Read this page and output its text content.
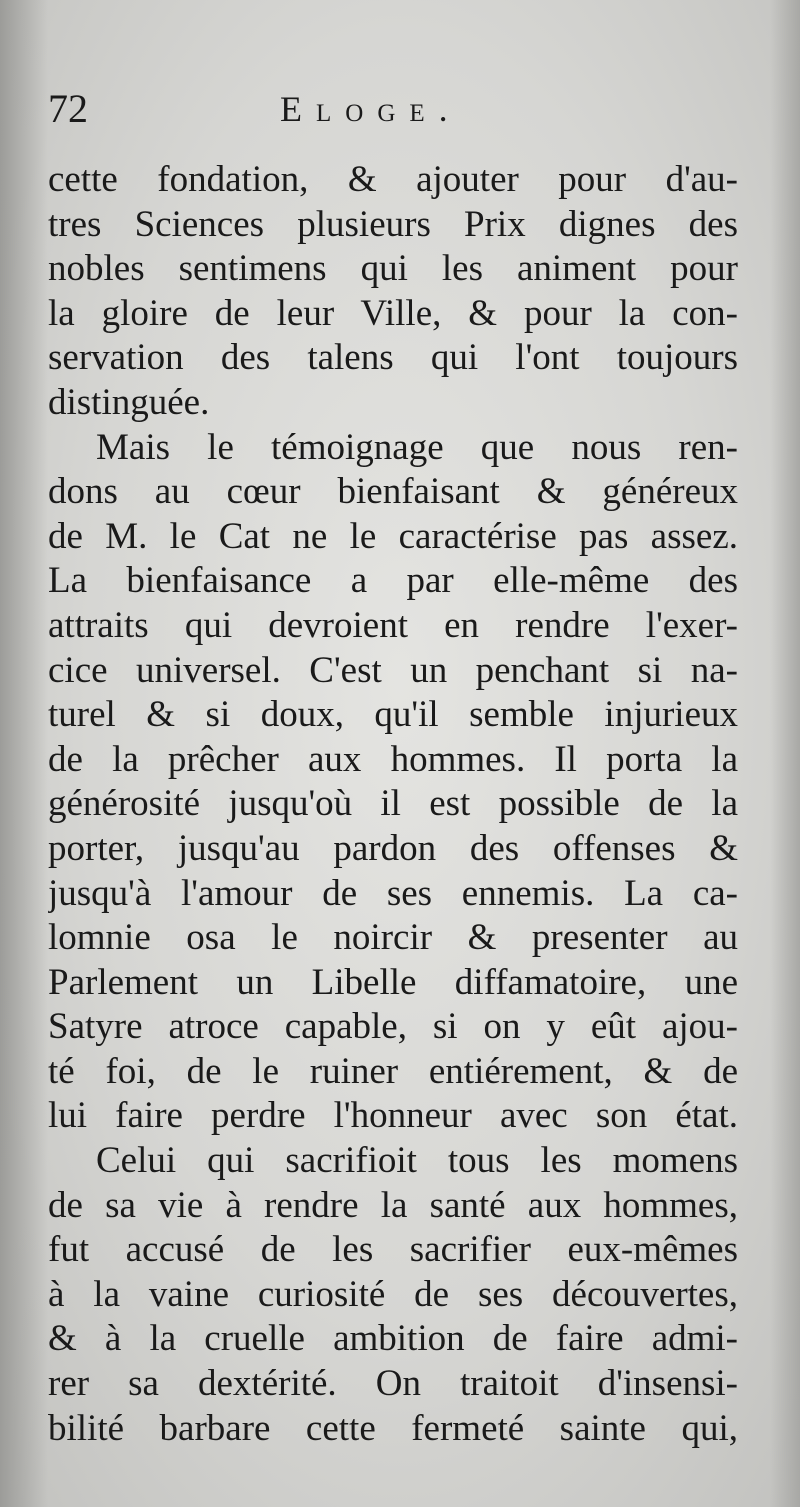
72	Eloge.
cette fondation, & ajouter pour d'au-
tres Sciences plusieurs Prix dignes des
nobles sentimens qui les animent pour
la gloire de leur Ville, & pour la con-
servation des talens qui l'ont toujours
distinguée.
Mais le témoignage que nous ren-
dons au cœur bienfaisant & généreux
de M. le Cat ne le caractérise pas assez.
La bienfaisance a par elle-même des
attraits qui devroient en rendre l'exer-
cice universel. C'est un penchant si na-
turel & si doux, qu'il semble injurieux
de la prêcher aux hommes. Il porta la
générosité jusqu'où il est possible de la
porter, jusqu'au pardon des offenses &
jusqu'à l'amour de ses ennemis. La ca-
lomnie osa le noircir & presenter au
Parlement un Libelle diffamatoire, une
Satyre atroce capable, si on y eût ajou-
té foi, de le ruiner entiérement, & de
lui faire perdre l'honneur avec son état.
Celui qui sacrifioit tous les momens
de sa vie à rendre la santé aux hommes,
fut accusé de les sacrifier eux-mêmes
à la vaine curiosité de ses découvertes,
& à la cruelle ambition de faire admi-
rer sa dextérité. On traitoit d'insensi-
bilité barbare cette fermeté sainte qui,
